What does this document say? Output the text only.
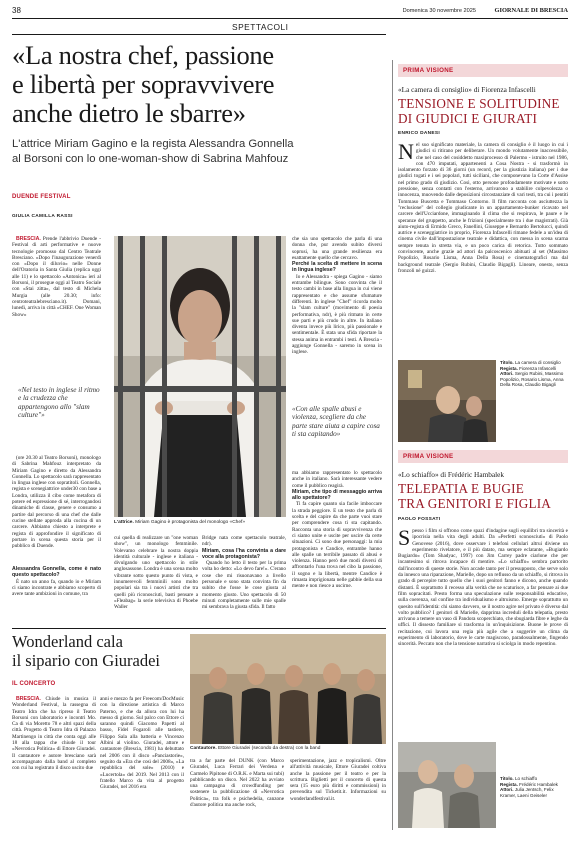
38	Domenica 30 novembre 2025	GIORNALE DI BRESCIA
SPETTACOLI
«La nostra chef, passione
e libertà per sopravvivere
anche dietro le sbarre»
L'attrice Miriam Gagino e la regista Alessandra Gonnella
al Borsoni con lo one-woman-show di Sabrina Mahfouz
DUENDE FESTIVAL
GIULIA CAMILLA RASSI

BRESCIA. Prende l'abbrivio Duende - Festival di arti performative e nuove tecnologie promosso dal Centro Teatrale Bresciano. «Dopo l'inaugurazione venerdì con «Dopo il diluvio» nelle Donne dell'Oratoria in Santa Giulia (replica oggi alle 11) e lo spettacolo «Antonica» ieri al Borsoni, il prosegue oggi al Teatro Sociale con «Stai zitta», dal testo di Michela Murgia (alle 20.30; info: centroteatralebresciano.it). Domani, lunedì, arriva in città «CHEF. One Woman Show»

«Nel testo in inglese il ritmo e la crudezza che appartengono allo "slam culture"»

(ore 20.30 al Teatro Borsoni), monologo di Sabrina Mahfouz interpretato da Miriam Gagino e diretto da Alessandra Gonnella. Lo spettacolo sarà rappresentato in lingua inglese con sopratitoli. Gonnella, regista e scenegiattrice under30 con base a Londra, utilizza il cibo come metafora di potere ed espressione di sé, interrogandosi dinamiche di classe, genere e consumo a partire dal percorso di una chef che dalle cucine stellate approda alla cucina di un carcere. Abbiamo chiesto a interprete e regista di approfondire il significato di portare in scena questa storia per il pubblico di Duende.

Alessandra Gonnella, come è nato questo spettacolo?

È nato un anno fa, quando io e Miriam ci siamo incontrate e abbiamo scoperto di avere tante ambizioni in comune, tra

L'attrice. Miriam Gagino è protagonista del monologo «Chef»

cui quella di realizzare un "one woman show", un monologo femminile. Volevamo celebrare la nostra doppia identità culturale - inglese e italiana - divulgando uno spettacolo in stile anglosassone. Londra è una scena molto vibrante sotto questo punto di vista, e innumerevoli femminili sono molto popolari sia tra i nuovi artisti che tra quelli più riconosciuti, basti pensare a «Fleabag» la serie televisiva di Phoebe Waller

Bridge nata come spettacolo teatrale, ndr).

Miriam, cosa l'ha convinta a dare voce alla protagonista?

Quando ho letto il testo per la prima volta ho detto: «Lo devo fare!». C'erano cose che mi risuonavano a livello personale e sono stata convinta fin da subito che fosse le cose giusta al momento giusto. Uno spettacolo di 50 minuti completamente sulle mie spalle mi sembrava la giusta sfida. Il fatto

che sia uno spettacolo che parla di una donna che, pur avendo subito diversi soprusi, ha una grande resilienza era esattamente quello che cercavo.

Perché la scelta di mettere in scena in lingua inglese?

Io e Alessandra - spiega Gagino - siamo entrambe bilingue. Sono convinta che il testo cambi in base alla lingua in cui viene rappresentato e che assume sfumature differenti. In inglese "Chef" ricorda molto la "slam culture" (movimento di poesia performativa, ndr), è più ritmato in certe sue parti e più crudo in altre. In italiano diventa invece più lirico, più passionale e sentimentale. È stata una sfida riportare la stessa anima in entrambi i testi. A Brescia - aggiunge Gonnella - saremo in scena in inglese.

«Con alle spalle abusi e violenza, scegliere da che parte stare aiuta a capire cosa ti sta capitando»

ma abbiamo rappresentato lo spettacolo anche in italiano. Sarà interessante vedere come il pubblico reagirà.

Miriam, che tipo di messaggio arriva allo spettatore?

Ti fa capire quanto sia facile imboccare la strada peggiore. E un testo che parla di scelta e del capire da che parte vuoi stare per comprendere cosa ti sta capitando. Racconta una storia di sopravvivenza che ci siamo unite e uscite per uscire da certe situazioni. Ci sono due personaggi: la mia protagonista e Candice, entrambe hanno alle spalle un terribile passato di abusi e violenza. Hanno però due modi diversi di affrontarlo l'una trova nel cibo la passione, il sogno e la libertà, mentre Candice è rimasta imprigionata nelle gabbie della sua mente e non riesce a uscirne.

PRIMA VISIONE
«La camera di consiglio» di Fiorenza Infascelli
TENSIONE E SOLITUDINE
DI GIUDICI E GIURATI
ENRICO DANESI
Nel suo significato materiale, la camera di consiglio è il luogo in cui i giudici si ritirano per deliberare. Un mondo volutamente inaccessibile, che nel caso del cosiddetto maxiprocesso di Palermo - istruito nel 1986, con 470 imputati, appartenenti a Cosa Nostra - si trasformò in isolamento forzato di 36 giorni (un record, per la giustizia italiana) per i due giudici togati e i sei popolari, tutti siciliani, che componevano la Corte d'Assise nel primo grado di giudizio. Così, otto persone profondamente motivate e sotto pressione, senza contatti con l'esterno, arrivarono a stabilire colpevolezza o innocenza, muovendo dalle deposizioni circostanziate di vari testi, tra cui i pentiti Tommaso Buscetta e Tommaso Contorno. Il film racconta con asciuttezza la "reclusione" del collegio giudicante in un appartamento-bunker ricavato nel carcere dell'Ucciardone, immaginando il clima che si respirava, le paure e le speranze del gruppetto, anche le frizioni (specialmente tra i due magistrati). Già aiuto-regista di Ermido Greco, Fanellini, Giuseppe e Bernardo Bertolucci, quindi autrice e sceneggiatrice in proprio, Fiorenza Infascelli rimane fedele a un'idea di cinema civile dall'impostazione teatrale e didattica, con messa in scena scarna sempre tenuta in stretta via, e un poco carica di retorica. Tutto sommato convincente, anche grazie ad attori da palcoscenico abituati al set (Massimo Popolizio, Rosario Lisma, Anna Della Rosa) e cinematografici ma dal background teatrale (Sergio Rubini, Claudio Bigagli). Lineare, onesto, senza fronzoli né guizzi.
Titolo. La camera di consiglio
Regista. Fiorenza Infascelli
Attori. Sergio Rubini, Massimo Popolizio, Rosario Lisma, Anna Della Rosa, Claudio Bigagli
PRIMA VISIONE
«Lo schiaffo» di Frédéric Hambalek
TELEPATIA E BUGIE
TRA GENITORI E FIGLIA
PAOLO FOSSATI
Spesso i film si offrono come spazi d'indagine sugli equilibri tra sincerità e ipocrisia nella vita degli adulti. Da «Perfetti sconosciuti» di Paolo Genovese (2016), dove osservare i telefoni cellulari altrui diviene un esperimento rivelatore, e il più datato, ma sempre eclatante, «Bugiardo Bugiardo» (Tom Shadyac, 1997) con Jim Carrey padre ciarlone che per incantesimo si ritrova incapace di mentire. «Lo schiaffo» sembra partorito dall'incontro di queste storie. Non accade tanto per il presupposto, che serve solo da innesco una riparazione, Marielle, dopo un reflusso da un schiaffo, si ritrova in grado di percepire tutto quello che i suoi genitori fanno e dicono, anche quando distanti. È soprattutto il recesso alla verità che ne scaturisce, a far pensare ai due film sopracitati. Presto forma una speculazione sulle responsabilità educative, sulla coerenza, sul confine tra individualismo e altruismo. Emerge soprattutto un quesito sull'identità: chi siamo davvero, se il nostro agire nel privato è diverso dal volto pubblico? I genitori di Marielle, dapprima increduli della telepatia, presto arrivano a temere un vaso di Pandora scoperchiato, che sbugiarda fibre e leghe da uffici. Il dissesto familiare si trasforma in un'inquisizione. Buone le prove di recitazione, cui lavora una regia più agile che a suggerire un clima da esperimento di laboratorio, dove le carte magiscono, paradossalmente, fingendo sincerità. Peccato non che la tensione narrativa si sciolga in modo repentino.
Titolo. Lo schiaffo
Regista. Frédéric Hambalek
Attori. Julia Jentsch, Felix Kramer, Laeni Geiseler
Wonderland cala
il sipario con Giuradei
IL CONCERTO

BRESCIA. Chiude in musica il Wonderland Festival, la rassegna di Teatro Idra che ha ripreso il Teatro Borsoni con laboratorio e incontri Mo. Ca di via Moretto 78 e altri spazi della città. Progetto di Teatro Idra di Palazzo Martinengo in città che conta oggi alle 18 alla tappa che chiude il tour «Nevrotica Politica» di Ettore Giuradei. Il cantautore e autore bresciano sarà accompagnato dalla band al completo con cui ha registrato il disco uscito due

anni e mezzo fa per Freecom/DocMusic con la direzione artistica di Marco Paterno, e che da allora con lui ha messo di giorno. Sul palco con Ettore ci saranno quindi Giacomo Papetti al basso, Fidel Fogaroli alle tastiere, Filippo Sala alla batteria e Vincenzo Albini al violino. Giuradei, attore e cantautore (Brescia, 1981) ha debuttato nel 2006 con il disco «Panciastorie», seguito da «Era che così del 2008», «La repubblica del sole» (2010) e «Lucertola» del 2019. Nel 2013 con il fratello Marco da vita al progetto Giuradei, nel 2016 era

Cantautore. Ettore Giuradei (secondo da destra) con la band

tra a far parte del DUNK (con Marco Giuradei, Luca Ferrari dei Verdena e Carmelo Pipitone di O.R.K. e Marta sui tubi) pubblicando un disco. Nel 2022 ha avviato una campagna di crowdfunding per sostenere la pubblicazione di «Nevrotica Politica», tra folk e psichedelia, canzone d'autore politica ma anche rock,

sperimentazione, jazz e tropicalismi. Oltre all'attività musicale, Ettore Giuradei coltiva anche la passione per il teatro e per la scrittura. Biglietti per il concerto di questa sera (15 euro più diritti e commissioni) in prevendita sul Ticketit.it. Informazioni su wonderlandfestival.it.
